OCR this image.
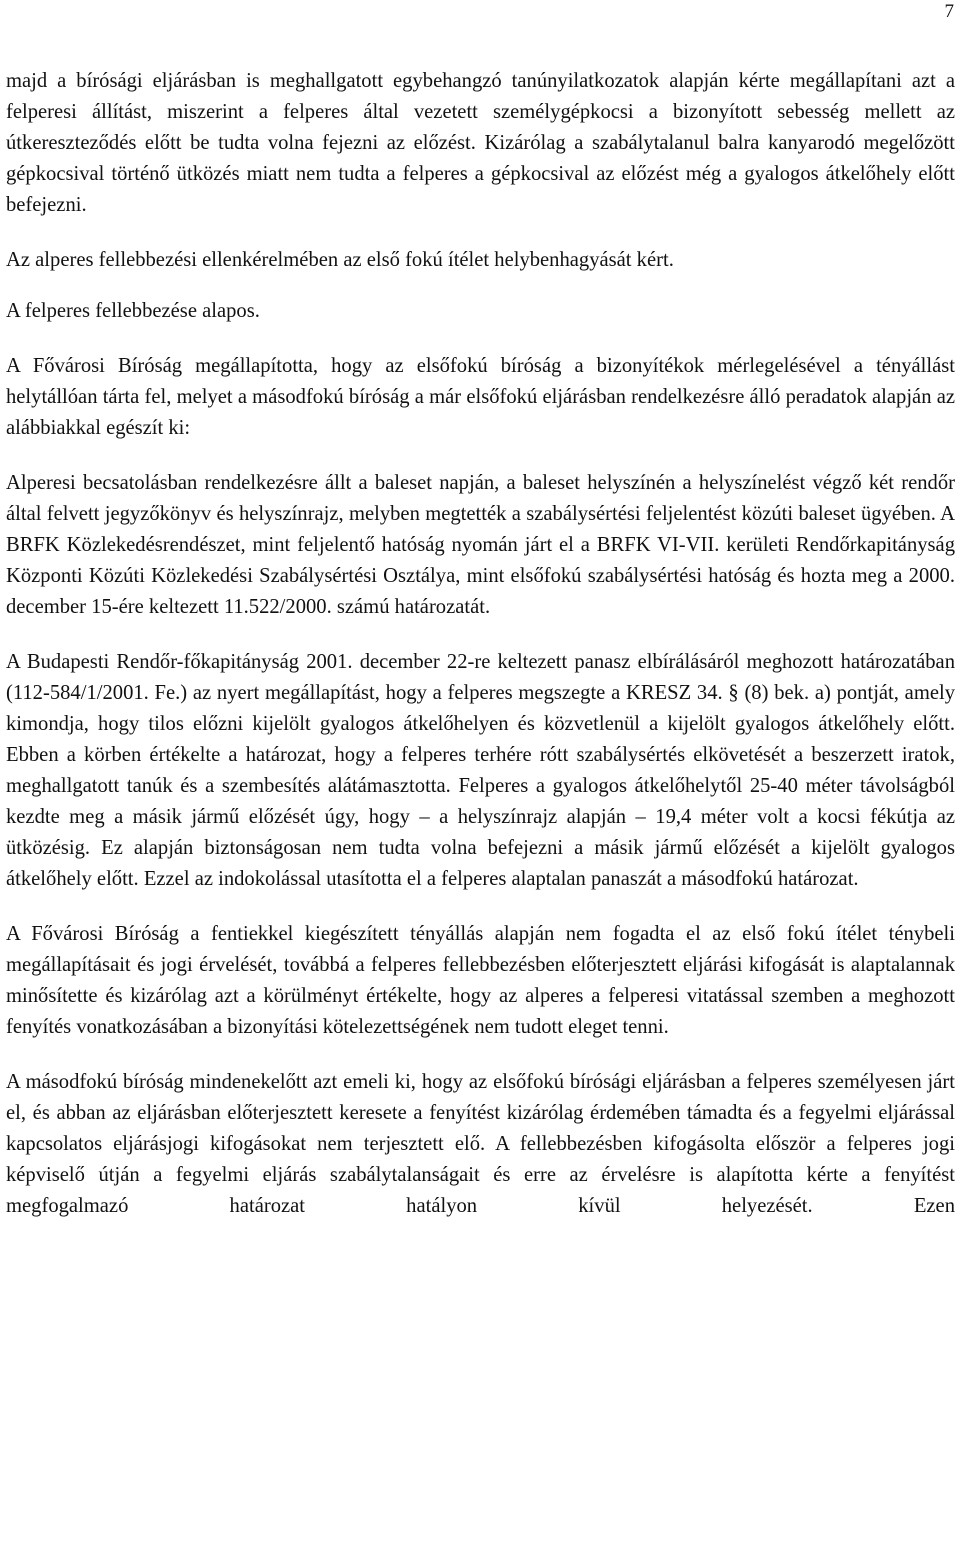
7

majd a bírósági eljárásban is meghallgatott egybehangzó tanúnyilatkozatok alapján kérte megállapítani azt a felperesi állítást, miszerint a felperes által vezetett személygépkocsi a bizonyított sebesség mellett az útkereszteződés előtt be tudta volna fejezni az előzést. Kizárólag a szabálytalanul balra kanyarodó megelőzött gépkocsival történő ütközés miatt nem tudta a felperes a gépkocsival az előzést még a gyalogos átkelőhely előtt befejezni.

Az alperes fellebbezési ellenkérelmében az első fokú ítélet helybenhagyását kért.

A felperes fellebbezése alapos.

A Fővárosi Bíróság megállapította, hogy az elsőfokú bíróság a bizonyítékok mérlegelésével a tényállást helytállóan tárta fel, melyet a másodfokú bíróság a már elsőfokú eljárásban rendelkezésre álló peradatok alapján az alábbiakkal egészít ki:

Alperesi becsatolásban rendelkezésre állt a baleset napján, a baleset helyszínén a helyszínelést végző két rendőr által felvett jegyzőkönyv és helyszínrajz, melyben megtették a szabálysértési feljelentést közúti baleset ügyében. A BRFK Közlekedésrendészet, mint feljelentő hatóság nyomán járt el a BRFK VI-VII. kerületi Rendőrkapitányság Központi Közúti Közlekedési Szabálysértési Osztálya, mint elsőfokú szabálysértési hatóság és hozta meg a 2000. december 15-ére keltezett 11.522/2000. számú határozatát.

A Budapesti Rendőr-főkapitányság 2001. december 22-re keltezett panasz elbírálásáról meghozott határozatában (112-584/1/2001. Fe.) az nyert megállapítást, hogy a felperes megszegte a KRESZ 34. § (8) bek. a) pontját, amely kimondja, hogy tilos előzni kijelölt gyalogos átkelőhelyen és közvetlenül a kijelölt gyalogos átkelőhely előtt. Ebben a körben értékelte a határozat, hogy a felperes terhére rótt szabálysértés elkövetését a beszerzett iratok, meghallgatott tanúk és a szembesítés alátámasztotta. Felperes a gyalogos átkelőhelytől 25-40 méter távolságból kezdte meg a másik jármű előzését úgy, hogy – a helyszínrajz alapján – 19,4 méter volt a kocsi fékútja az ütközésig. Ez alapján biztonságosan nem tudta volna befejezni a másik jármű előzését a kijelölt gyalogos átkelőhely előtt. Ezzel az indokolással utasította el a felperes alaptalan panaszát a másodfokú határozat.

A Fővárosi Bíróság a fentiekkel kiegészített tényállás alapján nem fogadta el az első fokú ítélet ténybeli megállapításait és jogi érvelését, továbbá a felperes fellebbezésben előterjesztett eljárási kifogását is alaptalannak minősítette és kizárólag azt a körülményt értékelte, hogy az alperes a felperesi vitatással szemben a meghozott fenyítés vonatkozásában a bizonyítási kötelezettségének nem tudott eleget tenni.

A másodfokú bíróság mindenekelőtt azt emeli ki, hogy az elsőfokú bírósági eljárásban a felperes személyesen járt el, és abban az eljárásban előterjesztett keresete a fenyítést kizárólag érdemében támadta és a fegyelmi eljárással kapcsolatos eljárásjogi kifogásokat nem terjesztett elő. A fellebbezésben kifogásolta először a felperes jogi képviselő útján a fegyelmi eljárás szabálytalanságait és erre az érvelésre is alapította kérte a fenyítést megfogalmazó határozat hatályon kívül helyezését. Ezen
